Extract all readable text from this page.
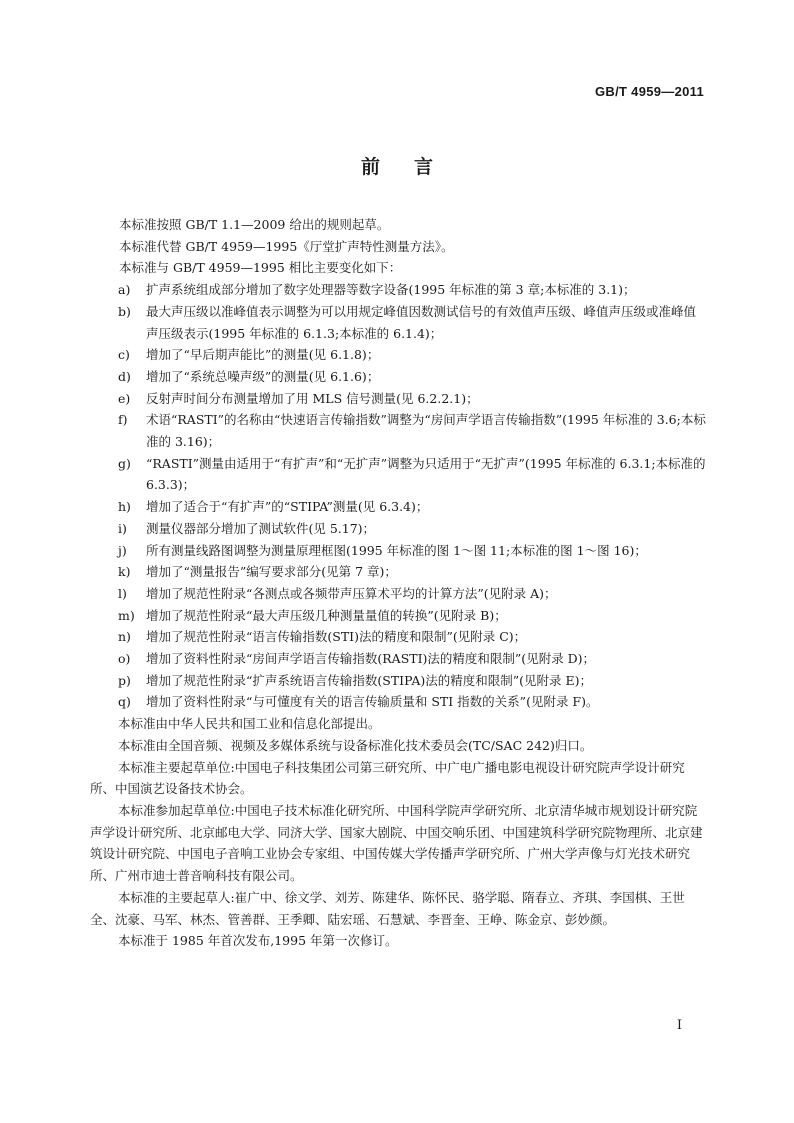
GB/T 4959—2011
前言

本标准按照 GB/T 1.1—2009 给出的规则起草。

本标准代替 GB/T 4959—1995《厅堂扩声特性测量方法》。

本标准与 GB/T 4959—1995 相比主要变化如下：

a)	扩声系统组成部分增加了数字处理器等数字设备(1995 年标准的第 3 章;本标准的 3.1)；
b)	最大声压级以准峰值表示调整为可以用规定峰值因数测试信号的有效值声压级、峰值声压级或准峰值声压级表示(1995 年标准的 6.1.3;本标准的 6.1.4)；
c)	增加了“早后期声能比”的测量(见 6.1.8)；
d)	增加了“系统总噪声级”的测量(见 6.1.6)；
e)	反射声时间分布测量增加了用 MLS 信号测量(见 6.2.2.1)；
f)	术语“RASTI”的名称由“快速语言传输指数”调整为“房间声学语言传输指数”(1995 年标准的 3.6;本标准的 3.16)；
g)	“RASTI”测量由适用于“有扩声”和“无扩声”调整为只适用于“无扩声”(1995 年标准的 6.3.1;本标准的 6.3.3)；
h)	增加了适合于“有扩声”的“STIPA”测量(见 6.3.4)；
i)	测量仪器部分增加了测试软件(见 5.17)；
j)	所有测量线路图调整为测量原理框图(1995 年标准的图 1～图 11;本标准的图 1～图 16)；
k)	增加了“测量报告”编写要求部分(见第 7 章)；
l)	增加了规范性附录“各测点或各频带声压算术平均的计算方法”(见附录 A)；
m) 增加了规范性附录“最大声压级几种测量量值的转换”(见附录 B)；
n)	增加了规范性附录“语言传输指数(STI)法的精度和限制”(见附录 C)；
o)	增加了资料性附录“房间声学语言传输指数(RASTI)法的精度和限制”(见附录 D)；
p)	增加了规范性附录“扩声系统语言传输指数(STIPA)法的精度和限制”(见附录 E)；
q)	增加了资料性附录“与可懂度有关的语言传输质量和 STI 指数的关系”(见附录 F)。

本标准由中华人民共和国工业和信息化部提出。

本标准由全国音频、视频及多媒体系统与设备标准化技术委员会(TC/SAC 242)归口。

本标准主要起草单位:中国电子科技集团公司第三研究所、中广电广播电影电视设计研究院声学设计研究所、中国演艺设备技术协会。

本标准参加起草单位:中国电子技术标准化研究所、中国科学院声学研究所、北京清华城市规划设计研究院声学设计研究所、北京邮电大学、同济大学、国家大剧院、中国交响乐团、中国建筑科学研究院物理所、北京建筑设计研究院、中国电子音响工业协会专家组、中国传媒大学传播声学研究所、广州大学声像与灯光技术研究所、广州市迪士普音响科技有限公司。

本标准的主要起草人:崔广中、徐文学、刘芳、陈建华、陈怀民、骆学聪、隋春立、齐琪、李国棋、王世全、沈豪、马军、林杰、管善群、王季卿、陆宏瑶、石慧斌、李晋奎、王峥、陈金京、彭妙颜。

本标准于 1985 年首次发布,1995 年第一次修订。

I
